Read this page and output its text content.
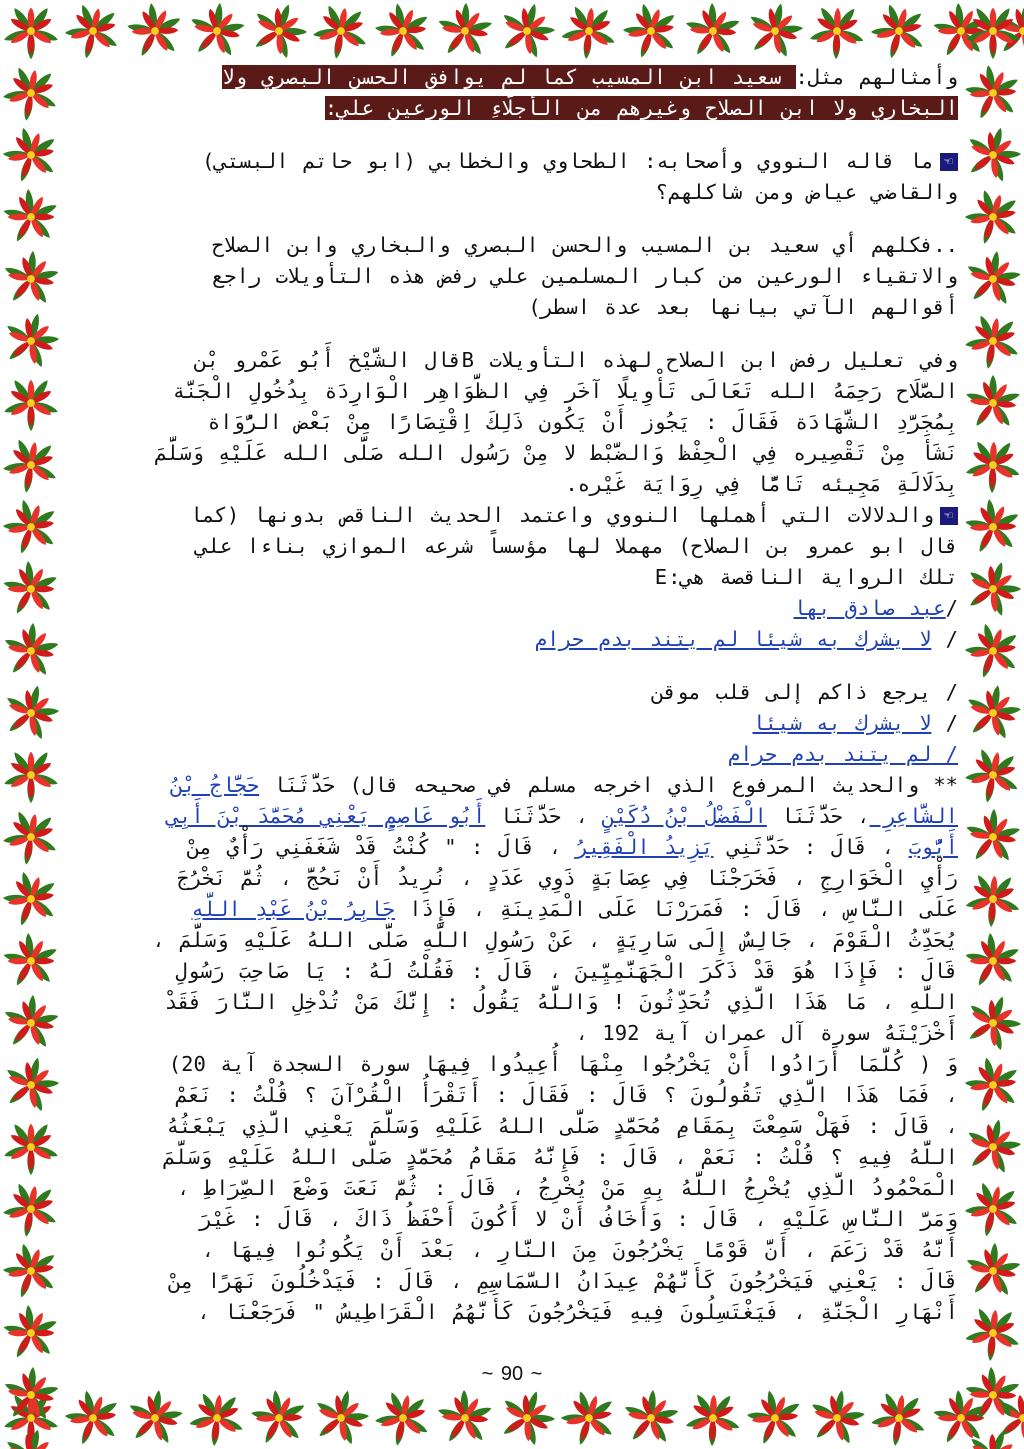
وأمثالهم مثل: سعيد ابن المسيب كما لم يوافق الحسن البصري ولا

البخاري ولا ابن الصلاح وغيرهم من الأجلَّاءِ الورعين علي:

☜ما قاله النووي وأصحابه: الطحاوي والخطابي (ابو حاتم البستي)

والقاضي عياض ومن شاكلهم؟

..فكلهم أي سعيد بن المسيب والحسن البصري والبخاري وابن الصلاح

والاتقياء الورعين من كبار المسلمين علي رفض هذه التأويلات راجع

أقوالهم الآتي بيانها بعد عدة اسطر)

وفي تعليل رفض ابن الصلاح لهذه التأويلات Bقال الشَّيْخ أَبُو عَمْرو بْن

الصَّلَاح رَحِمَهُ الله تَعَالَى تَأْوِيلًا آخَر فِي الظَّوَاهِر الْوَارِدَة بِدُخُولِ الْجَنَّة

بِمُجَرَّدِ الشَّهَادَة فَقَالَ : يَجُوز أَنْ يَكُون ذَلِكَ اِقْتِصَارًا مِنْ بَعْض الرُّوَاة

نَشَأَ مِنْ تَقْصِيره فِي الْحِفْظ وَالضَّبْط لا مِنْ رَسُول الله صَلَّى الله عَلَيْهِ وَسَلَّمَ

بِدَلَالَةِ مَجِيئه تَامًّا فِي رِوَايَة غَيْره.

☜والدلالات التي أهملها النووي واعتمد الحديث الناقص بدونها (كما

قال ابو عمرو بن الصلاح) مهملا لها مؤسساً شرعه الموازي بناءا علي

تلك الرواية الناقصة هي:E

/عبد صادق بها

/ لا يشرك به شيئا لم يتند بدم حرام

/ يرجع ذاكم إلى قلب موقن

/ لا يشرك به شيئا

/ لم يتند بدم حرام

** والحديث المرفوع الذي اخرجه مسلم في صحيحه قال) حَدَّثَنَا حَجَّاجُ بْنُ

الشَّاعِرِ ، حَدَّثَنَا الْفَضْلُ بْنُ دُكَيْنٍ ، حَدَّثَنَا أَبُو عَاصِمٍ يَعْنِي مُحَمَّدَ بْنَ أَبِي

أَيُّوبَ ، قَالَ : حَدَّثَنِي يَزِيدُ الْفَقِيرُ ، قَالَ : " كُنْتُ قَدْ شَغَفَنِي رَأْيٌ مِنْ

رَأْيِ الْخَوَارِجِ ، فَخَرَجْنَا فِي عِصَابَةٍ ذَوِي عَدَدٍ ، نُرِيدُ أَنْ نَحُجَّ ، ثُمَّ نَخْرُجَ

عَلَى النَّاسِ ، قَالَ : فَمَرَرْنَا عَلَى الْمَدِينَةِ ، فَإِذَا جَابِرُ بْنُ عَبْدِ اللَّهِ

يُحَدِّثُ الْقَوْمَ ، جَالِسٌ إِلَى سَارِيَةٍ ، عَنْ رَسُولِ اللَّهِ صَلَّى اللهُ عَلَيْهِ وَسَلَّمَ ،

قَالَ : فَإِذَا هُوَ قَدْ ذَكَرَ الْجَهَنَّمِيِّينَ ، قَالَ : فَقُلْتُ لَهُ : يَا صَاحِبَ رَسُولِ

اللَّهِ ، مَا هَذَا الَّذِي تُحَدِّثُونَ ! وَاللَّهُ يَقُولُ : إِنَّكَ مَنْ تُدْخِلِ النَّارَ فَقَدْ

أَخْزَيْتَهُ سورة آل عمران آية 192 ،

وَ ( كُلَّمَا أَرَادُوا أَنْ يَخْرُجُوا مِنْهَا أُعِيدُوا فِيهَا سورة السجدة آية 20)

، فَمَا هَذَا الَّذِي تَقُولُونَ ؟ قَالَ : فَقَالَ : أَتَقْرَأُ الْقُرْآنَ ؟ قُلْتُ : نَعَمْ

، قَالَ : فَهَلْ سَمِعْتَ بِمَقَامِ مُحَمَّدٍ صَلَّى اللهُ عَلَيْهِ وَسَلَّمَ يَعْنِي الَّذِي يَبْعَثُهُ

اللَّهُ فِيهِ ؟ قُلْتُ : نَعَمْ ، قَالَ : فَإِنَّهُ مَقَامُ مُحَمَّدٍ صَلَّى اللهُ عَلَيْهِ وَسَلَّمَ

الْمَحْمُودُ الَّذِي يُخْرِجُ اللَّهُ بِهِ مَنْ يُخْرِجُ ، قَالَ : ثُمَّ نَعَتَ وَضْعَ الصِّرَاطِ ،

وَمَرَّ النَّاسِ عَلَيْهِ ، قَالَ : وَأَخَافُ أَنْ لا أَكُونَ أَحْفَظُ ذَاكَ ، قَالَ : غَيْرَ

أَنَّهُ قَدْ زَعَمَ ، أَنَّ قَوْمًا يَخْرُجُونَ مِنَ النَّارِ ، بَعْدَ أَنْ يَكُونُوا فِيهَا ،

قَالَ : يَعْنِي فَيَخْرُجُونَ كَأَنَّهُمْ عِيدَانُ السَّمَاسِمِ ، قَالَ : فَيَدْخُلُونَ نَهَرًا مِنْ

أَنْهَارِ الْجَنَّةِ ، فَيَغْتَسِلُونَ فِيهِ فَيَخْرُجُونَ كَأَنَّهُمُ الْقَرَاطِيسُ " فَرَجَعْنَا ،

~ 90 ~
